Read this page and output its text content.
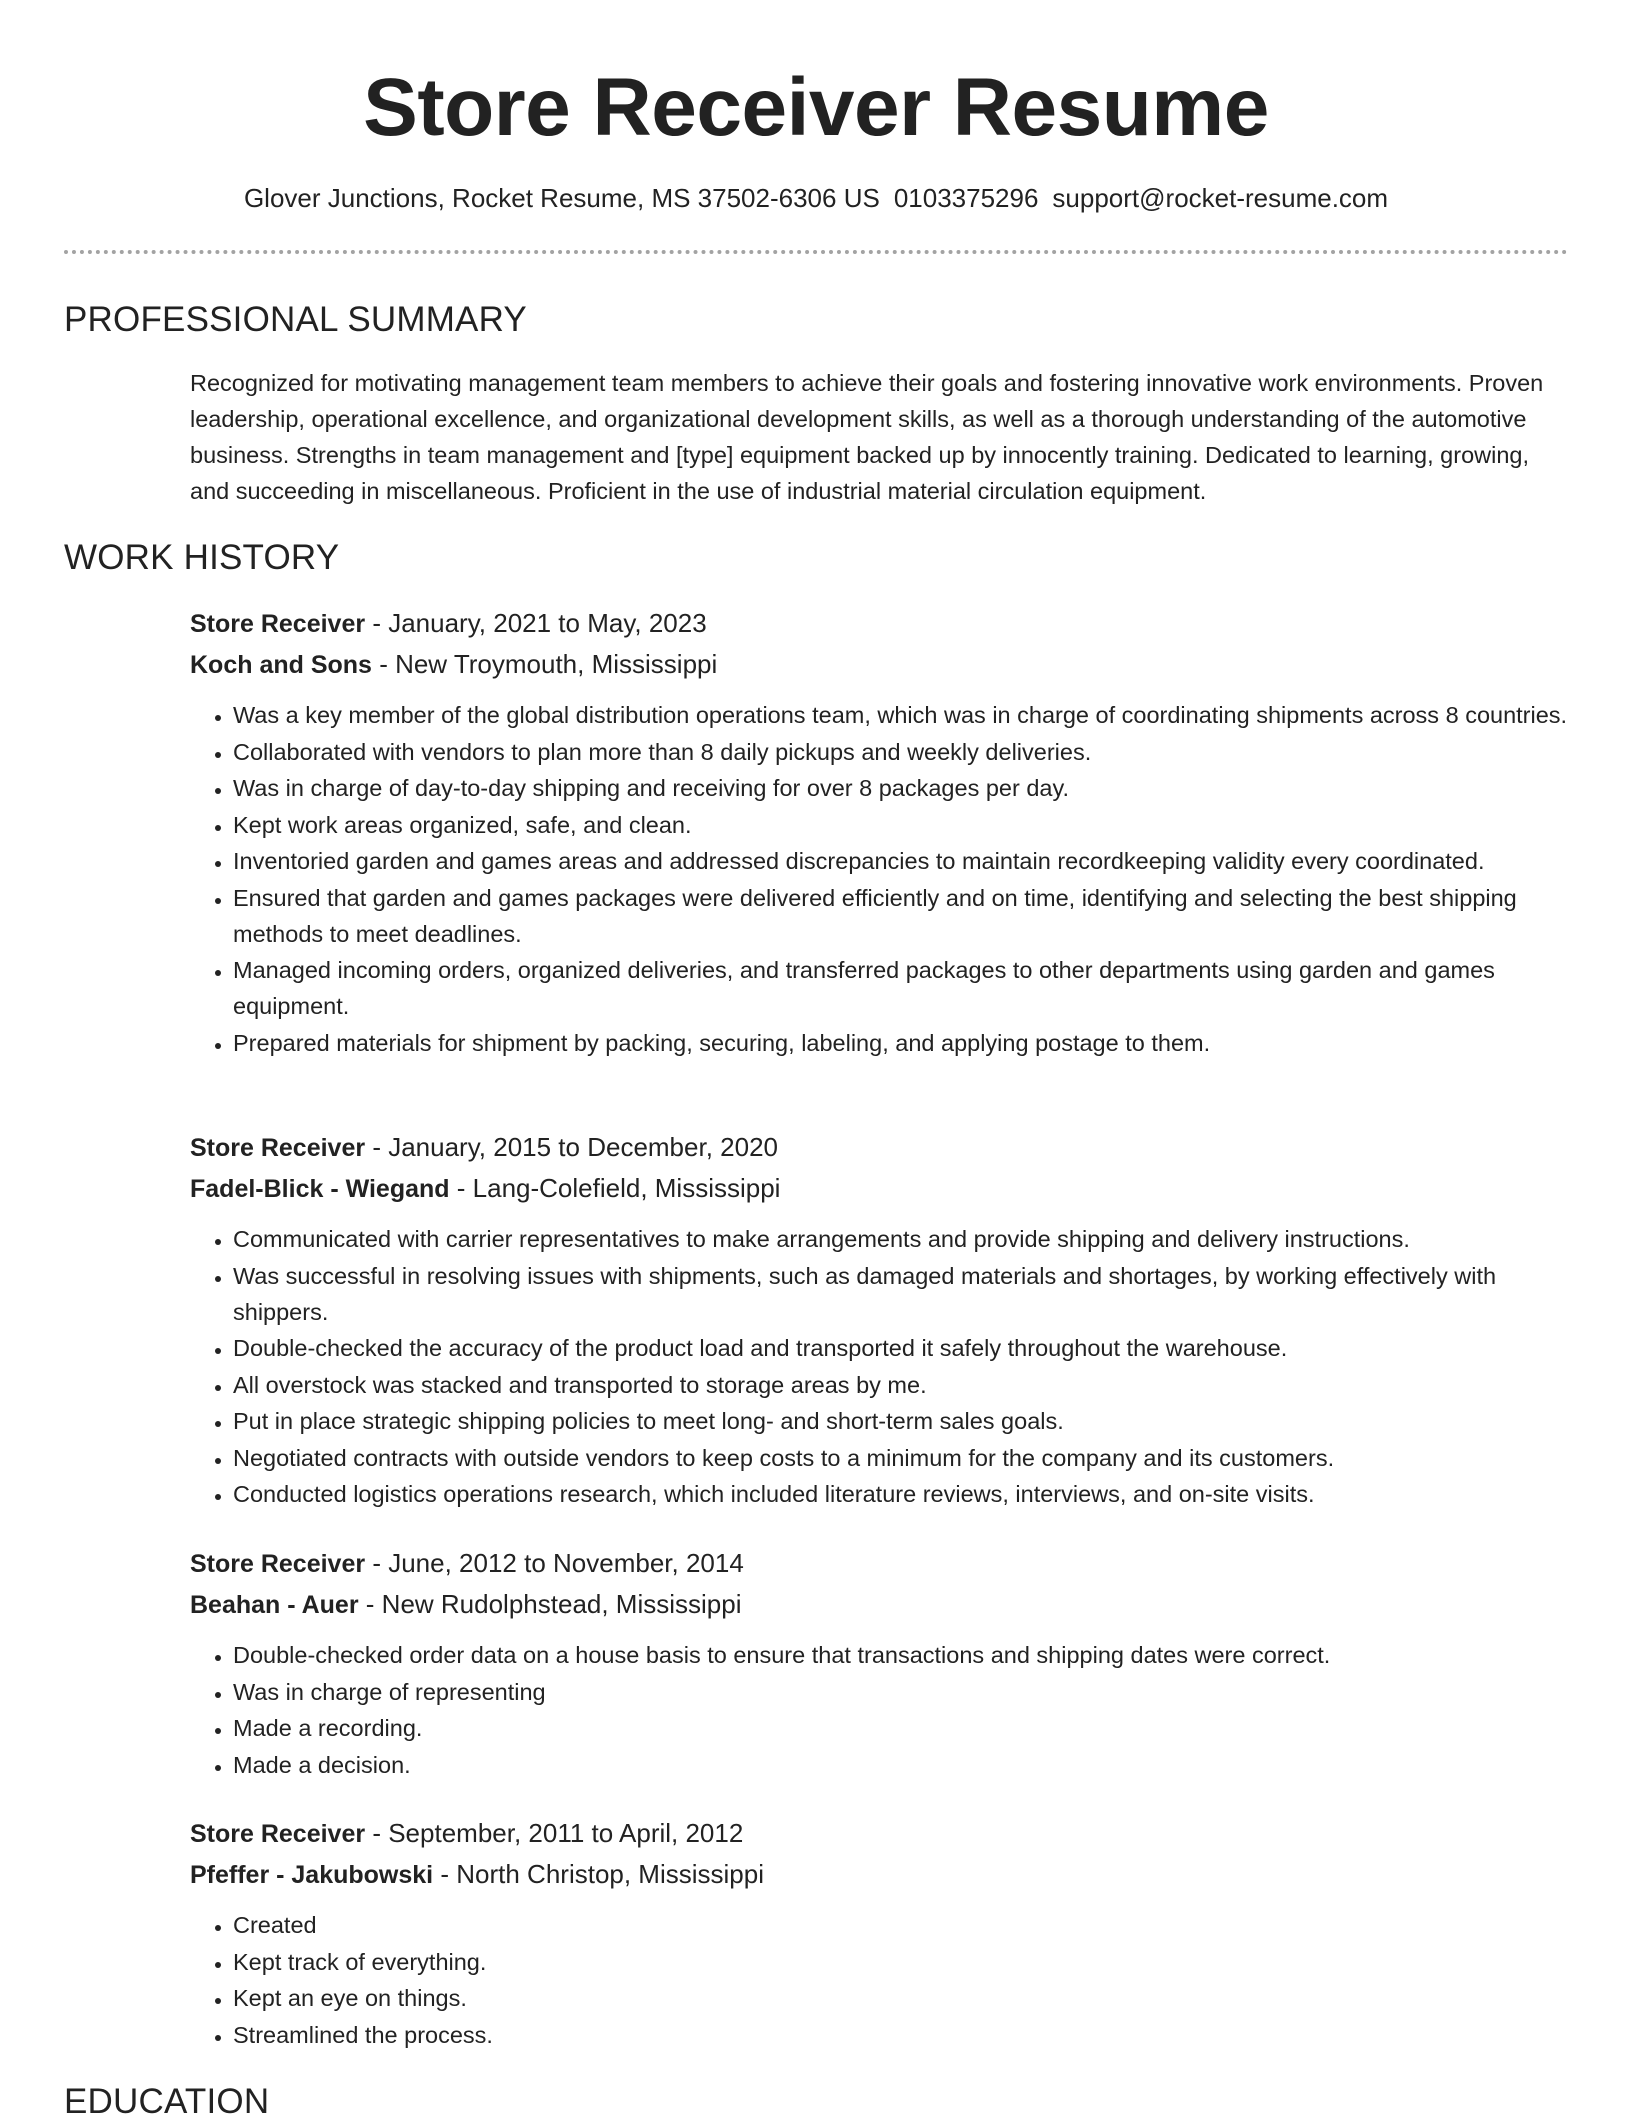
Store Receiver Resume
Glover Junctions, Rocket Resume, MS 37502-6306 US 0103375296 support@rocket-resume.com
PROFESSIONAL SUMMARY
Recognized for motivating management team members to achieve their goals and fostering innovative work environments. Proven leadership, operational excellence, and organizational development skills, as well as a thorough understanding of the automotive business. Strengths in team management and [type] equipment backed up by innocently training. Dedicated to learning, growing, and succeeding in miscellaneous. Proficient in the use of industrial material circulation equipment.
WORK HISTORY
Store Receiver - January, 2021 to May, 2023
Koch and Sons - New Troymouth, Mississippi
• Was a key member of the global distribution operations team, which was in charge of coordinating shipments across 8 countries.
• Collaborated with vendors to plan more than 8 daily pickups and weekly deliveries.
• Was in charge of day-to-day shipping and receiving for over 8 packages per day.
• Kept work areas organized, safe, and clean.
• Inventoried garden and games areas and addressed discrepancies to maintain recordkeeping validity every coordinated.
• Ensured that garden and games packages were delivered efficiently and on time, identifying and selecting the best shipping methods to meet deadlines.
• Managed incoming orders, organized deliveries, and transferred packages to other departments using garden and games equipment.
• Prepared materials for shipment by packing, securing, labeling, and applying postage to them.
Store Receiver - January, 2015 to December, 2020
Fadel-Blick - Wiegand - Lang-Colefield, Mississippi
• Communicated with carrier representatives to make arrangements and provide shipping and delivery instructions.
• Was successful in resolving issues with shipments, such as damaged materials and shortages, by working effectively with shippers.
• Double-checked the accuracy of the product load and transported it safely throughout the warehouse.
• All overstock was stacked and transported to storage areas by me.
• Put in place strategic shipping policies to meet long- and short-term sales goals.
• Negotiated contracts with outside vendors to keep costs to a minimum for the company and its customers.
• Conducted logistics operations research, which included literature reviews, interviews, and on-site visits.
Store Receiver - June, 2012 to November, 2014
Beahan - Auer - New Rudolphstead, Mississippi
• Double-checked order data on a house basis to ensure that transactions and shipping dates were correct.
• Was in charge of representing
• Made a recording.
• Made a decision.
Store Receiver - September, 2011 to April, 2012
Pfeffer - Jakubowski - North Christop, Mississippi
• Created
• Kept track of everything.
• Kept an eye on things.
• Streamlined the process.
EDUCATION
